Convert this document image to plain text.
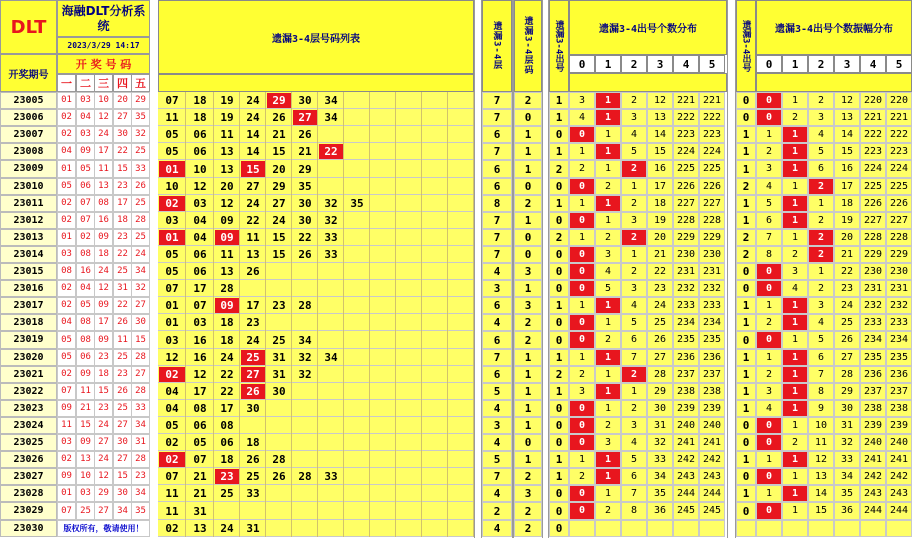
DLT
海融DLT分析系统
2023/3/29 14:17
开奖期号
开 奖 号 码
遗漏3-4层号码列表	遗漏3-4层 遗漏3-4层码 遗漏3-4出号	遗漏3-4出号个数分布	遗漏3-4出号 遗漏3-4出号个数振幅分布
一 二 三 四 五
0	0
1	1
2	2
3	3
4	4
5	5
23005	01 03 10 20 29	07	18	19	24	29	30	34	7	2	1	3	1	2	12	221 221	0	0	1	2	12	220 220
23006	02 04 12 27 35	11	18	19	24	26	27	34	7	0	1	4	1	3	13	222 222	0	0	2	3	13	221 221
23007	02 03 24 30 32	05	06	11	14	21	26	6	1	0	0	1	4	14	223 223	1	1	1	4	14	222 222
23008	04 09 17 22 25	05	06	13	14	15	21	22	7	1	1	1	1	5	15	224 224	1	2	1	5	15	223 223
23009	01 05 11 15 33	01	10	13	15	20	29	6	1	2	2	1	2	16	225 225	1	3	1	6	16	224 224
23010	05 06 13 23 26	10	12	20	27	29	35	6	0	0	0	2	1	17	226 226	2	4	1	2	17	225 225
23011	02 07 08 17 25	02	03	12	24	27	30	32	35	8	2	1	1	1	2	18	227 227	1	5	1	1	18	226 226
23012	02 07 16 18 28	03	04	09	22	24	30	32	7	1	0	0	1	3	19	228 228	1	6	1	2	19	227 227
23013	01 02 09 23 25	01	04	09	11	15	22	33	7	0	2	1	2	2	20	229 229	2	7	1	2	20	228 228
23014	03 08 18 22 24	05	06	11	13	15	26	33	7	0	0	0	3	1	21	230 230	2	8	2	2	21	229 229
23015	08 16 24 25 34	05	06	13	26	4	3	0	0	4	2	22	231 231	0	0	3	1	22	230 230
23016	02 04 12 31 32	07	17	28	3	1	0	0	5	3	23	232 232	0	0	4	2	23	231 231
23017	02 05 09 22 27	01	07	09	17	23	28	6	3	1	1	1	4	24	233 233	1	1	1	3	24	232 232
23018	04 08 17 26 30	01	03	18	23	4	2	0	0	1	5	25	234 234	1	2	1	4	25	233 233
23019	05 08 09 11 15	03	16	18	24	25	34	6	2	0	0	2	6	26	235 235	0	0	1	5	26	234 234
23020	05 06 23 25 28	12	16	24	25	31	32	34	7	1	1	1	1	7	27	236 236	1	1	1	6	27	235 235
23021	02 09 18 23 27	02	12	22	27	31	32	6	1	2	2	1	2	28	237 237	1	2	1	7	28	236 236
23022	07 11 15 26 28	04	17	22	26	30	5	1	1	3	1	1	29	238 238	1	3	1	8	29	237 237
23023	09 21 23 25 33	04	08	17	30	4	1	0	0	1	2	30	239 239	1	4	1	9	30	238 238
23024	11 15 24 27 34	05	06	08	3	1	0	0	2	3	31	240 240	0	0	1	10	31	239 239
23025	03 09 27 30 31	02	05	06	18	4	0	0	0	3	4	32	241 241	0	0	2	11	32	240 240
23026	02 13 24 27 28	02	07	18	26	28	5	1	1	1	1	5	33	242 242	1	1	1	12	33	241 241
23027	09 10 12 15 23	07	21	23	25	26	28	33	7	2	1	2	1	6	34	243 243	0	0	1	13	34	242 242
23028	01 03 29 30 34	11	21	25	33	4	3	0	0	1	7	35	244 244	1	1	1	14	35	243 243
23029	07 25 27 34 35	11	31	2	2	0	0	2	8	36	245 245	0	0	1	15	36	244 244
23030	版权所有，敬请使用！	02	13	24	31	4	2	0
